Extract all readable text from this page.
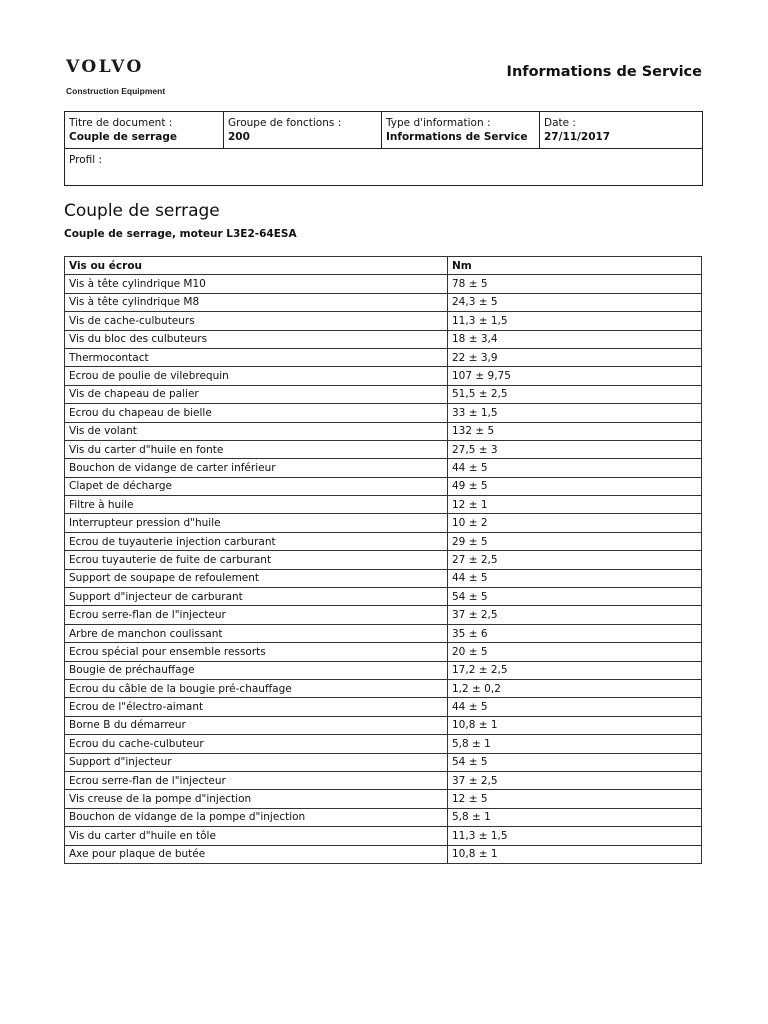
VOLVO
Construction Equipment
Informations de Service
Titre de document :
Couple de serrage

Groupe de fonctions :
200

Type d'information :
Informations de Service

Date :
27/11/2017

Profil :
Couple de serrage
Couple de serrage, moteur L3E2-64ESA
Vis ou écrou	Nm
Vis à tête cylindrique M10	78 ± 5
Vis à tête cylindrique M8	24,3 ± 5
Vis de cache-culbuteurs	11,3 ± 1,5
Vis du bloc des culbuteurs	18 ± 3,4
Thermocontact	22 ± 3,9
Ecrou de poulie de vilebrequin	107 ± 9,75
Vis de chapeau de palier	51,5 ± 2,5
Ecrou du chapeau de bielle	33 ± 1,5
Vis de volant	132 ± 5
Vis du carter d"huile en fonte	27,5 ± 3
Bouchon de vidange de carter inférieur	44 ± 5
Clapet de décharge	49 ± 5
Filtre à huile	12 ± 1
Interrupteur pression d"huile	10 ± 2
Ecrou de tuyauterie injection carburant	29 ± 5
Ecrou tuyauterie de fuite de carburant	27 ± 2,5
Support de soupape de refoulement	44 ± 5
Support d"injecteur de carburant	54 ± 5
Ecrou serre-flan de l"injecteur	37 ± 2,5
Arbre de manchon coulissant	35 ± 6
Ecrou spécial pour ensemble ressorts	20 ± 5
Bougie de préchauffage	17,2 ± 2,5
Ecrou du câble de la bougie pré-chauffage	1,2 ± 0,2
Ecrou de l"électro-aimant	44 ± 5
Borne B du démarreur	10,8 ± 1
Ecrou du cache-culbuteur	5,8 ± 1
Support d"injecteur	54 ± 5
Ecrou serre-flan de l"injecteur	37 ± 2,5
Vis creuse de la pompe d"injection	12 ± 5
Bouchon de vidange de la pompe d"injection	5,8 ± 1
Vis du carter d"huile en tôle	11,3 ± 1,5
Axe pour plaque de butée	10,8 ± 1
